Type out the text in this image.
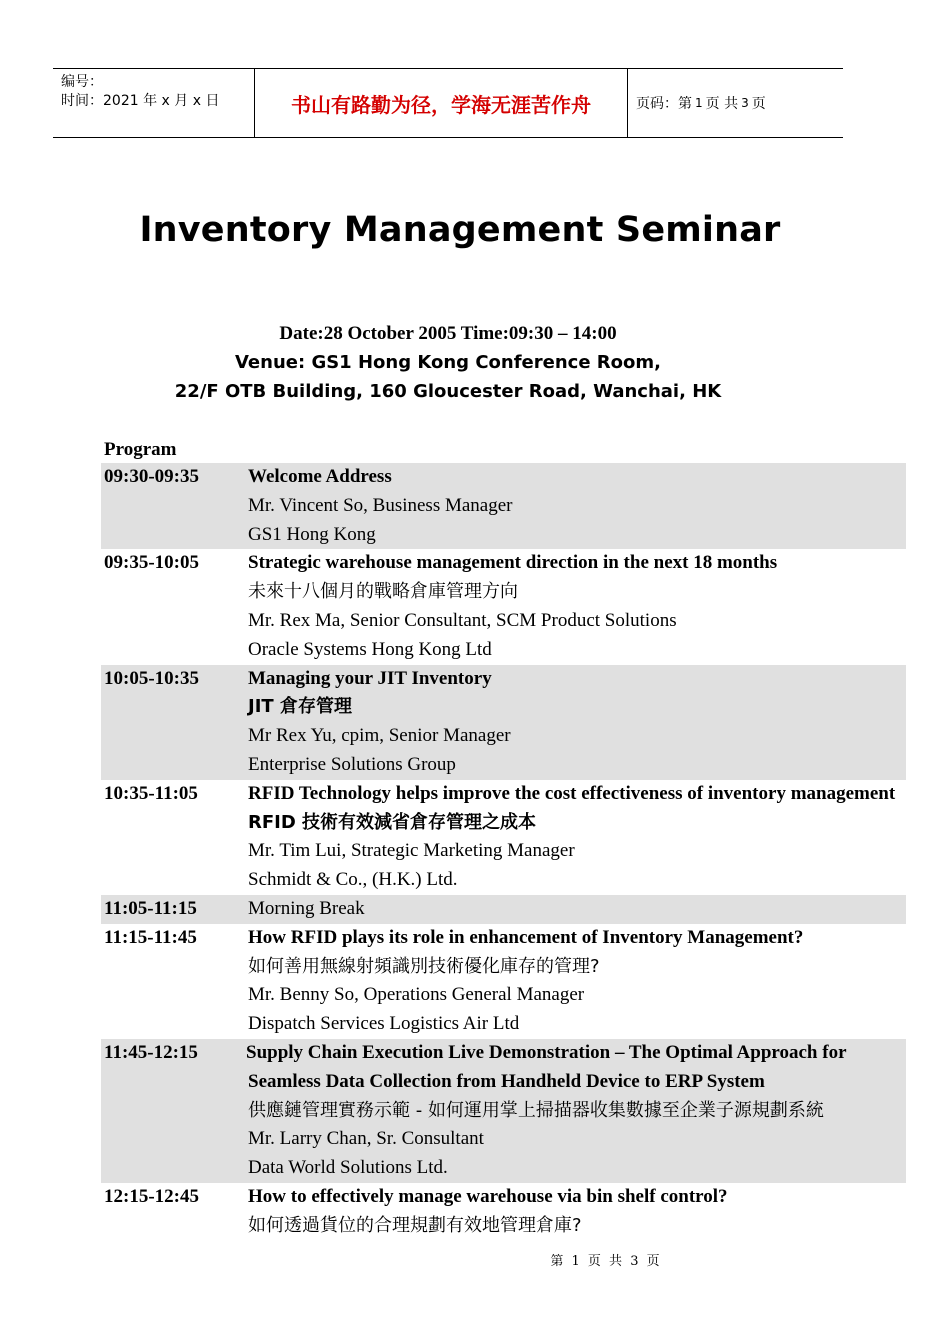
编号：
时间：2021 年 x 月 x 日	书山有路勤为径，学海无涯苦作舟	页码：第 1 页 共 3 页
Inventory Management Seminar
Date:28 October 2005 Time:09:30 – 14:00
Venue: GS1 Hong Kong Conference Room,
22/F OTB Building, 160 Gloucester Road, Wanchai, HK
Program
09:30-09:35	Welcome Address
Mr. Vincent So, Business Manager
GS1 Hong Kong
09:35-10:05	Strategic warehouse management direction in the next 18 months
未來十八個月的戰略倉庫管理方向
Mr. Rex Ma, Senior Consultant, SCM Product Solutions
Oracle Systems Hong Kong Ltd
10:05-10:35	Managing your JIT Inventory
JIT 倉存管理
Mr Rex Yu, cpim, Senior Manager
Enterprise Solutions Group
10:35-11:05	RFID Technology helps improve the cost effectiveness of inventory management
RFID 技術有效減省倉存管理之成本
Mr. Tim Lui, Strategic Marketing Manager
Schmidt & Co., (H.K.) Ltd.
11:05-11:15	Morning Break
11:15-11:45	How RFID plays its role in enhancement of Inventory Management?
如何善用無線射頻識別技術優化庫存的管理?
Mr. Benny So, Operations General Manager
Dispatch Services Logistics Air Ltd
11:45-12:15	Supply Chain Execution Live Demonstration – The Optimal Approach for
Seamless Data Collection from Handheld Device to ERP System
供應鏈管理實務示範 - 如何運用掌上掃描器收集數據至企業子源規劃系統
Mr. Larry Chan, Sr. Consultant
Data World Solutions Ltd.
12:15-12:45	How to effectively manage warehouse via bin shelf control?
如何透過貨位的合理規劃有效地管理倉庫?
第 1 页 共 3 页
